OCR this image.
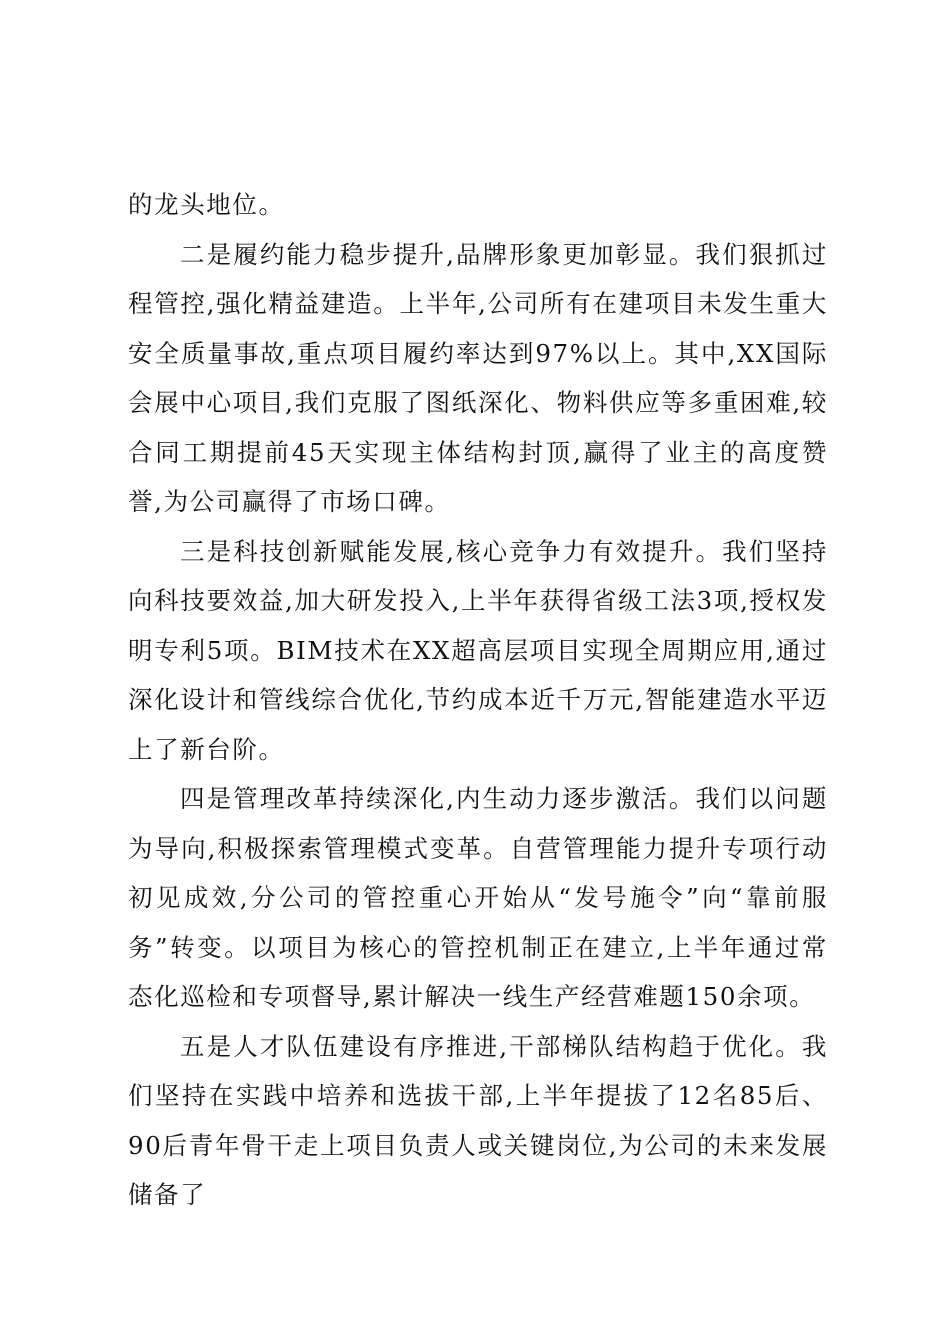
的龙头地位。

二是履约能力稳步提升,品牌形象更加彰显。我们狠抓过程管控,强化精益建造。上半年,公司所有在建项目未发生重大安全质量事故,重点项目履约率达到97%以上。其中,XX国际会展中心项目,我们克服了图纸深化、物料供应等多重困难,较合同工期提前45天实现主体结构封顶,赢得了业主的高度赞誉,为公司赢得了市场口碑。

三是科技创新赋能发展,核心竞争力有效提升。我们坚持向科技要效益,加大研发投入,上半年获得省级工法3项,授权发明专利5项。BIM技术在XX超高层项目实现全周期应用,通过深化设计和管线综合优化,节约成本近千万元,智能建造水平迈上了新台阶。

四是管理改革持续深化,内生动力逐步激活。我们以问题为导向,积极探索管理模式变革。自营管理能力提升专项行动初见成效,分公司的管控重心开始从“发号施令”向“靠前服务”转变。以项目为核心的管控机制正在建立,上半年通过常态化巡检和专项督导,累计解决一线生产经营难题150余项。

五是人才队伍建设有序推进,干部梯队结构趋于优化。我们坚持在实践中培养和选拔干部,上半年提拔了12名85后、90后青年骨干走上项目负责人或关键岗位,为公司的未来发展储备了
